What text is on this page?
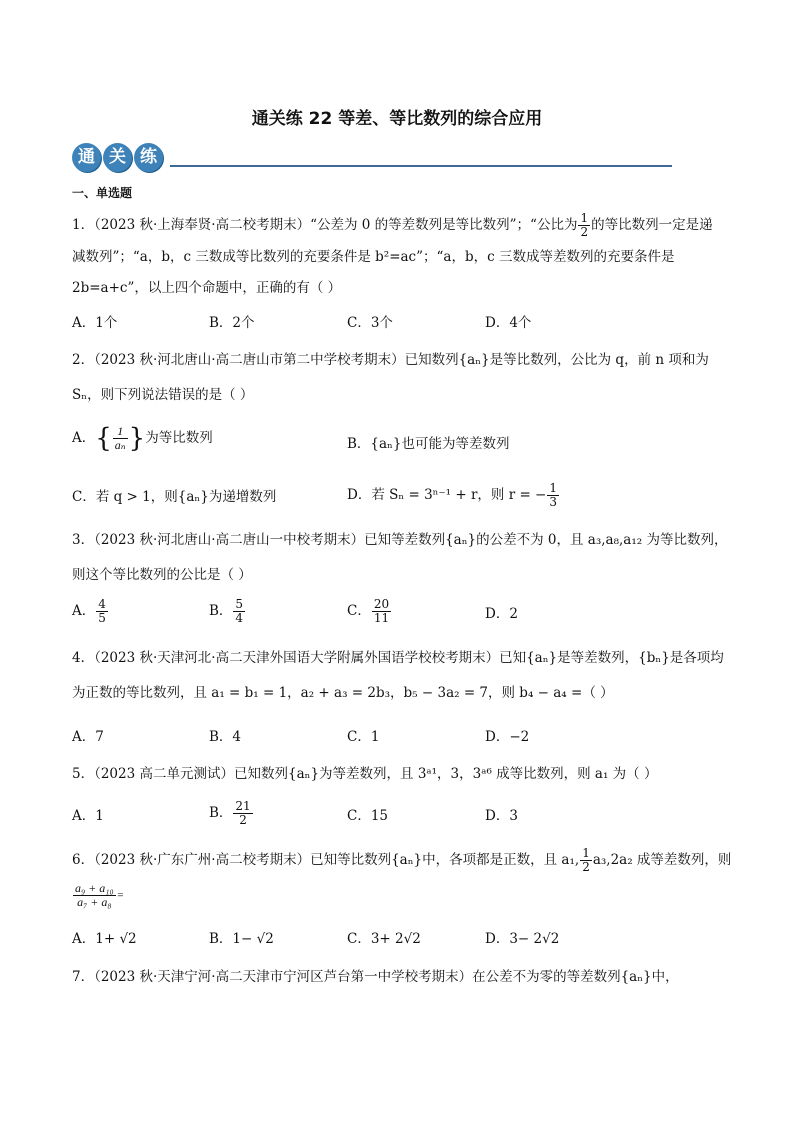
通关练 22 等差、等比数列的综合应用
通 关 练
一、单选题
1．（2023 秋·上海奉贤·高二校考期末）“公差为 0 的等差数列是等比数列”；“公比为 $\frac{1}{2}$ 的等比数列一定是递
减数列”；“a，b，c 三数成等比数列的充要条件是 b²=ac”；“a，b，c 三数成等差数列的充要条件是
2b=a+c”，以上四个命题中，正确的有（ ）
A．1个	B．2个	C．3个	D．4个
2．（2023 秋·河北唐山·高二唐山市第二中学校考期末）已知数列{aₙ}是等比数列，公比为 q，前 n 项和为
Sₙ，则下列说法错误的是（ ）
A．{ $\frac{1}{\text{aₙ}}$ }为等比数列	B．{aₙ}也可能为等差数列
C．若 q > 1，则{aₙ}为递增数列	D．若 Sₙ = 3ⁿ⁻¹ + r，则 r = − $\frac{1}{3}$
3．（2023 秋·河北唐山·高二唐山一中校考期末）已知等差数列{aₙ}的公差不为 0，且 a₃,a₈,a₁₂ 为等比数列，
则这个等比数列的公比是（ ）
A． $\frac{4}{5}$	B． $\frac{5}{4}$	C． $\frac{20}{11}$	D．2
4．（2023 秋·天津河北·高二天津外国语大学附属外国语学校校考期末）已知{aₙ}是等差数列，{bₙ}是各项均
为正数的等比数列，且 a₁ = b₁ = 1，a₂ + a₃ = 2b₃，b₅ − 3a₂ = 7，则 b₄ − a₄ =（ ）
A．7	B．4	C．1	D．−2
5．（2023 高二单元测试）已知数列{aₙ}为等差数列，且 3ᵃ¹，3，3ᵃ⁶ 成等比数列，则 a₁ 为（ ）
A．1	B． $\frac{21}{2}$	C．15	D．3
6．（2023 秋·广东广州·高二校考期末）已知等比数列{aₙ}中，各项都是正数，且 a₁, $\frac{1}{2} a_3,2a_2$ 成等差数列，则
$\frac{\text{a₉ + a₁₀}}{\text{a₇ + a₈}}$ =
A．1+ √2	B．1− √2	C．3+ 2√2	D．3− 2√2
7．（2023 秋·天津宁河·高二天津市宁河区芦台第一中学校考期末）在公差不为零的等差数列{aₙ}中，
